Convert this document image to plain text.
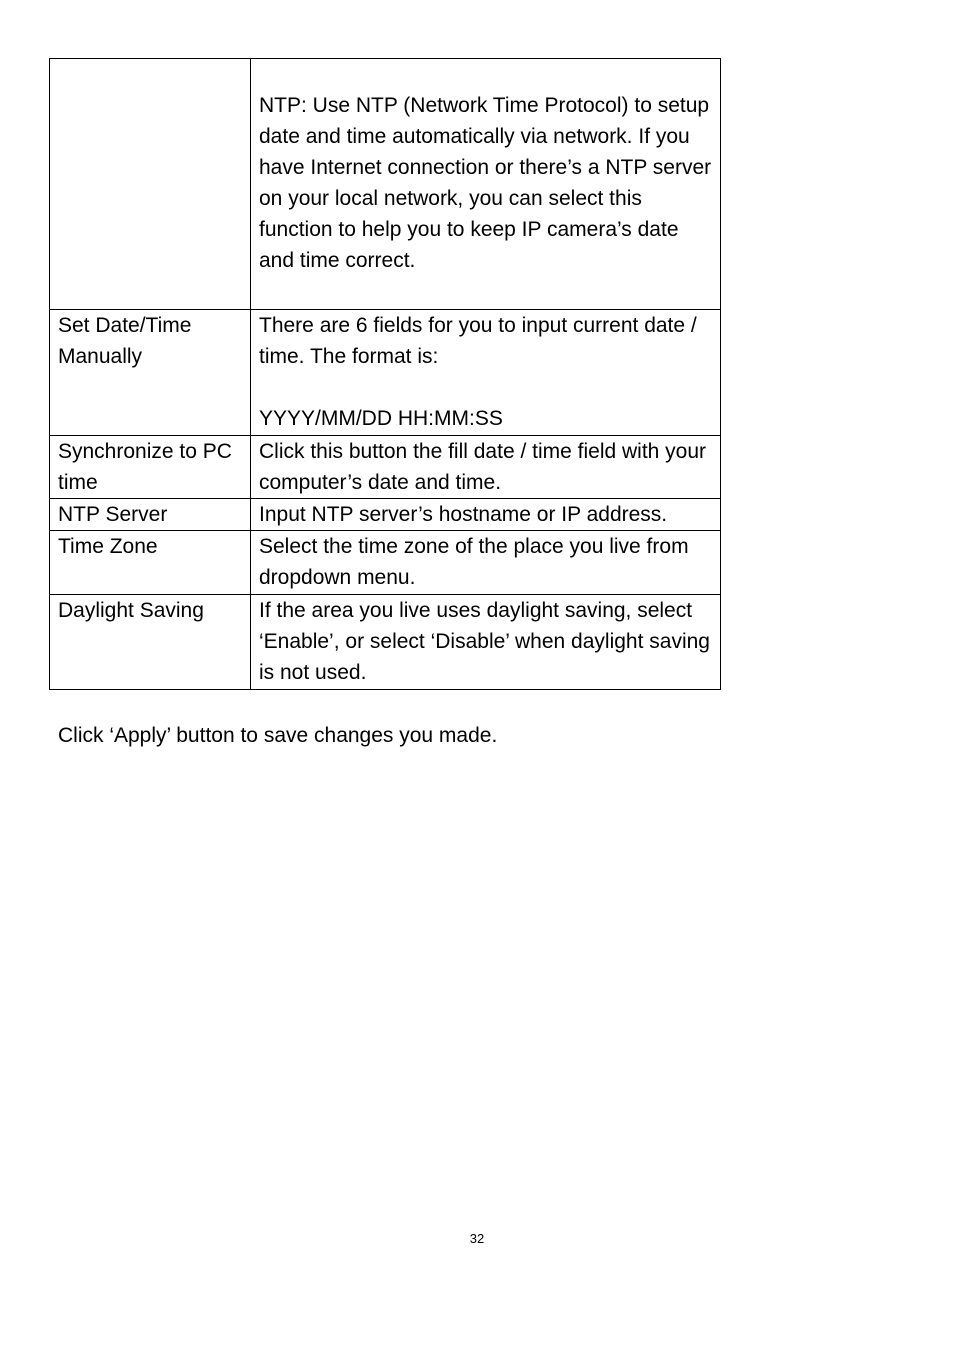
	NTP: Use NTP (Network Time Protocol) to setup date and time automatically via network. If you have Internet connection or there’s a NTP server on your local network, you can select this function to help you to keep IP camera’s date and time correct.

Set Date/Time Manually	There are 6 fields for you to input current date / time. The format is:
YYYY/MM/DD HH:MM:SS

Synchronize to PC time	Click this button the fill date / time field with your computer’s date and time.
NTP Server	Input NTP server’s hostname or IP address.
Time Zone	Select the time zone of the place you live from dropdown menu.
Daylight Saving	If the area you live uses daylight saving, select ‘Enable’, or select ‘Disable’ when daylight saving is not used.

Click ‘Apply’ button to save changes you made.

32
